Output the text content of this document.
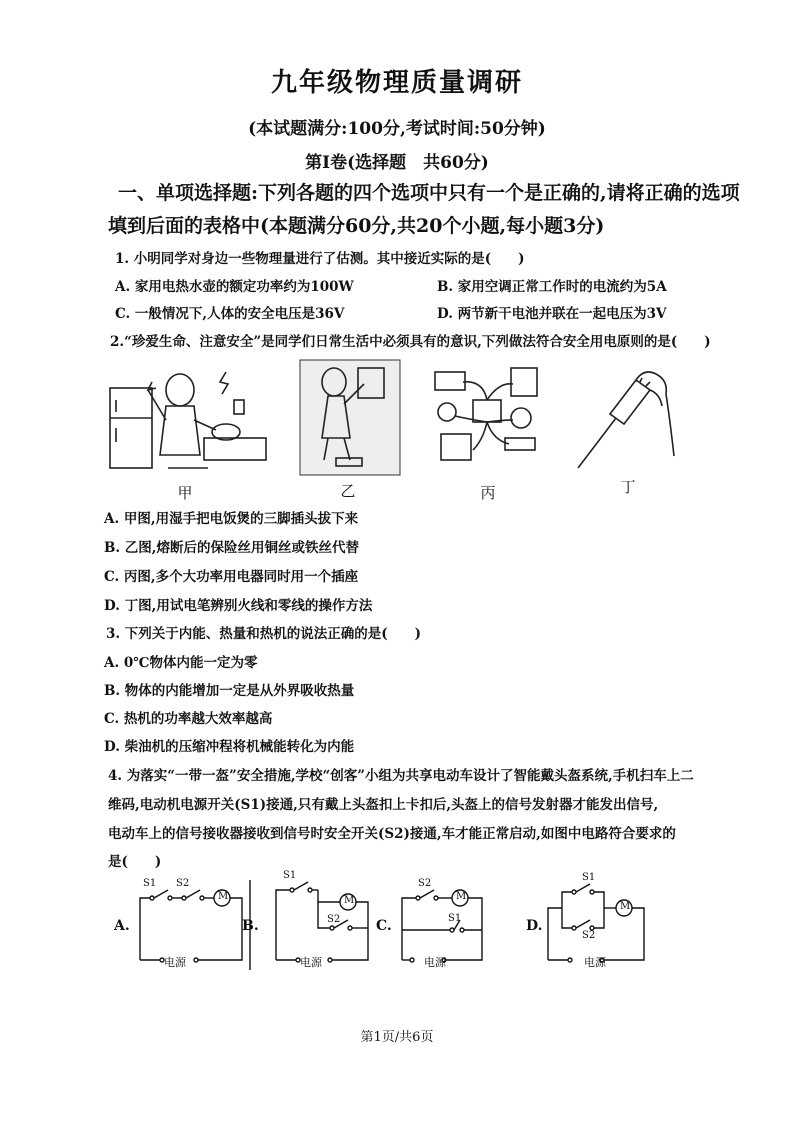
九年级物理质量调研
(本试题满分:100分,考试时间:50分钟)
第Ⅰ卷(选择题　共60分)
一、单项选择题:下列各题的四个选项中只有一个是正确的,请将正确的选项
填到后面的表格中(本题满分60分,共20个小题,每小题3分)
1. 小明同学对身边一些物理量进行了估测。其中接近实际的是(　　)
A. 家用电热水壶的额定功率约为100W	B. 家用空调正常工作时的电流约为5A
C. 一般情况下,人体的安全电压是36V	D. 两节新干电池并联在一起电压为3V
2.“珍爱生命、注意安全”是同学们日常生活中必须具有的意识,下列做法符合安全用电原则的是(　　)
甲	乙	丙	丁
A. 甲图,用湿手把电饭煲的三脚插头拔下来
B. 乙图,熔断后的保险丝用铜丝或铁丝代替
C. 丙图,多个大功率用电器同时用一个插座
D. 丁图,用试电笔辨别火线和零线的操作方法
3. 下列关于内能、热量和热机的说法正确的是(　　)
A. 0℃物体内能一定为零
B. 物体的内能增加一定是从外界吸收热量
C. 热机的功率越大效率越高
D. 柴油机的压缩冲程将机械能转化为内能
4. 为落实“一带一盔”安全措施,学校“创客”小组为共享电动车设计了智能戴头盔系统,手机扫车上二
维码,电动机电源开关(S1)接通,只有戴上头盔扣上卡扣后,头盔上的信号发射器才能发出信号,
电动车上的信号接收器接收到信号时安全开关(S2)接通,车才能正常启动,如图中电路符合要求的
是(　　)
A.
S1 S2
M
电源
B.
S1
S2
M
电源
C.
S2
S1
M
电源
D.
S1
S2
M
电源
第1页/共6页
